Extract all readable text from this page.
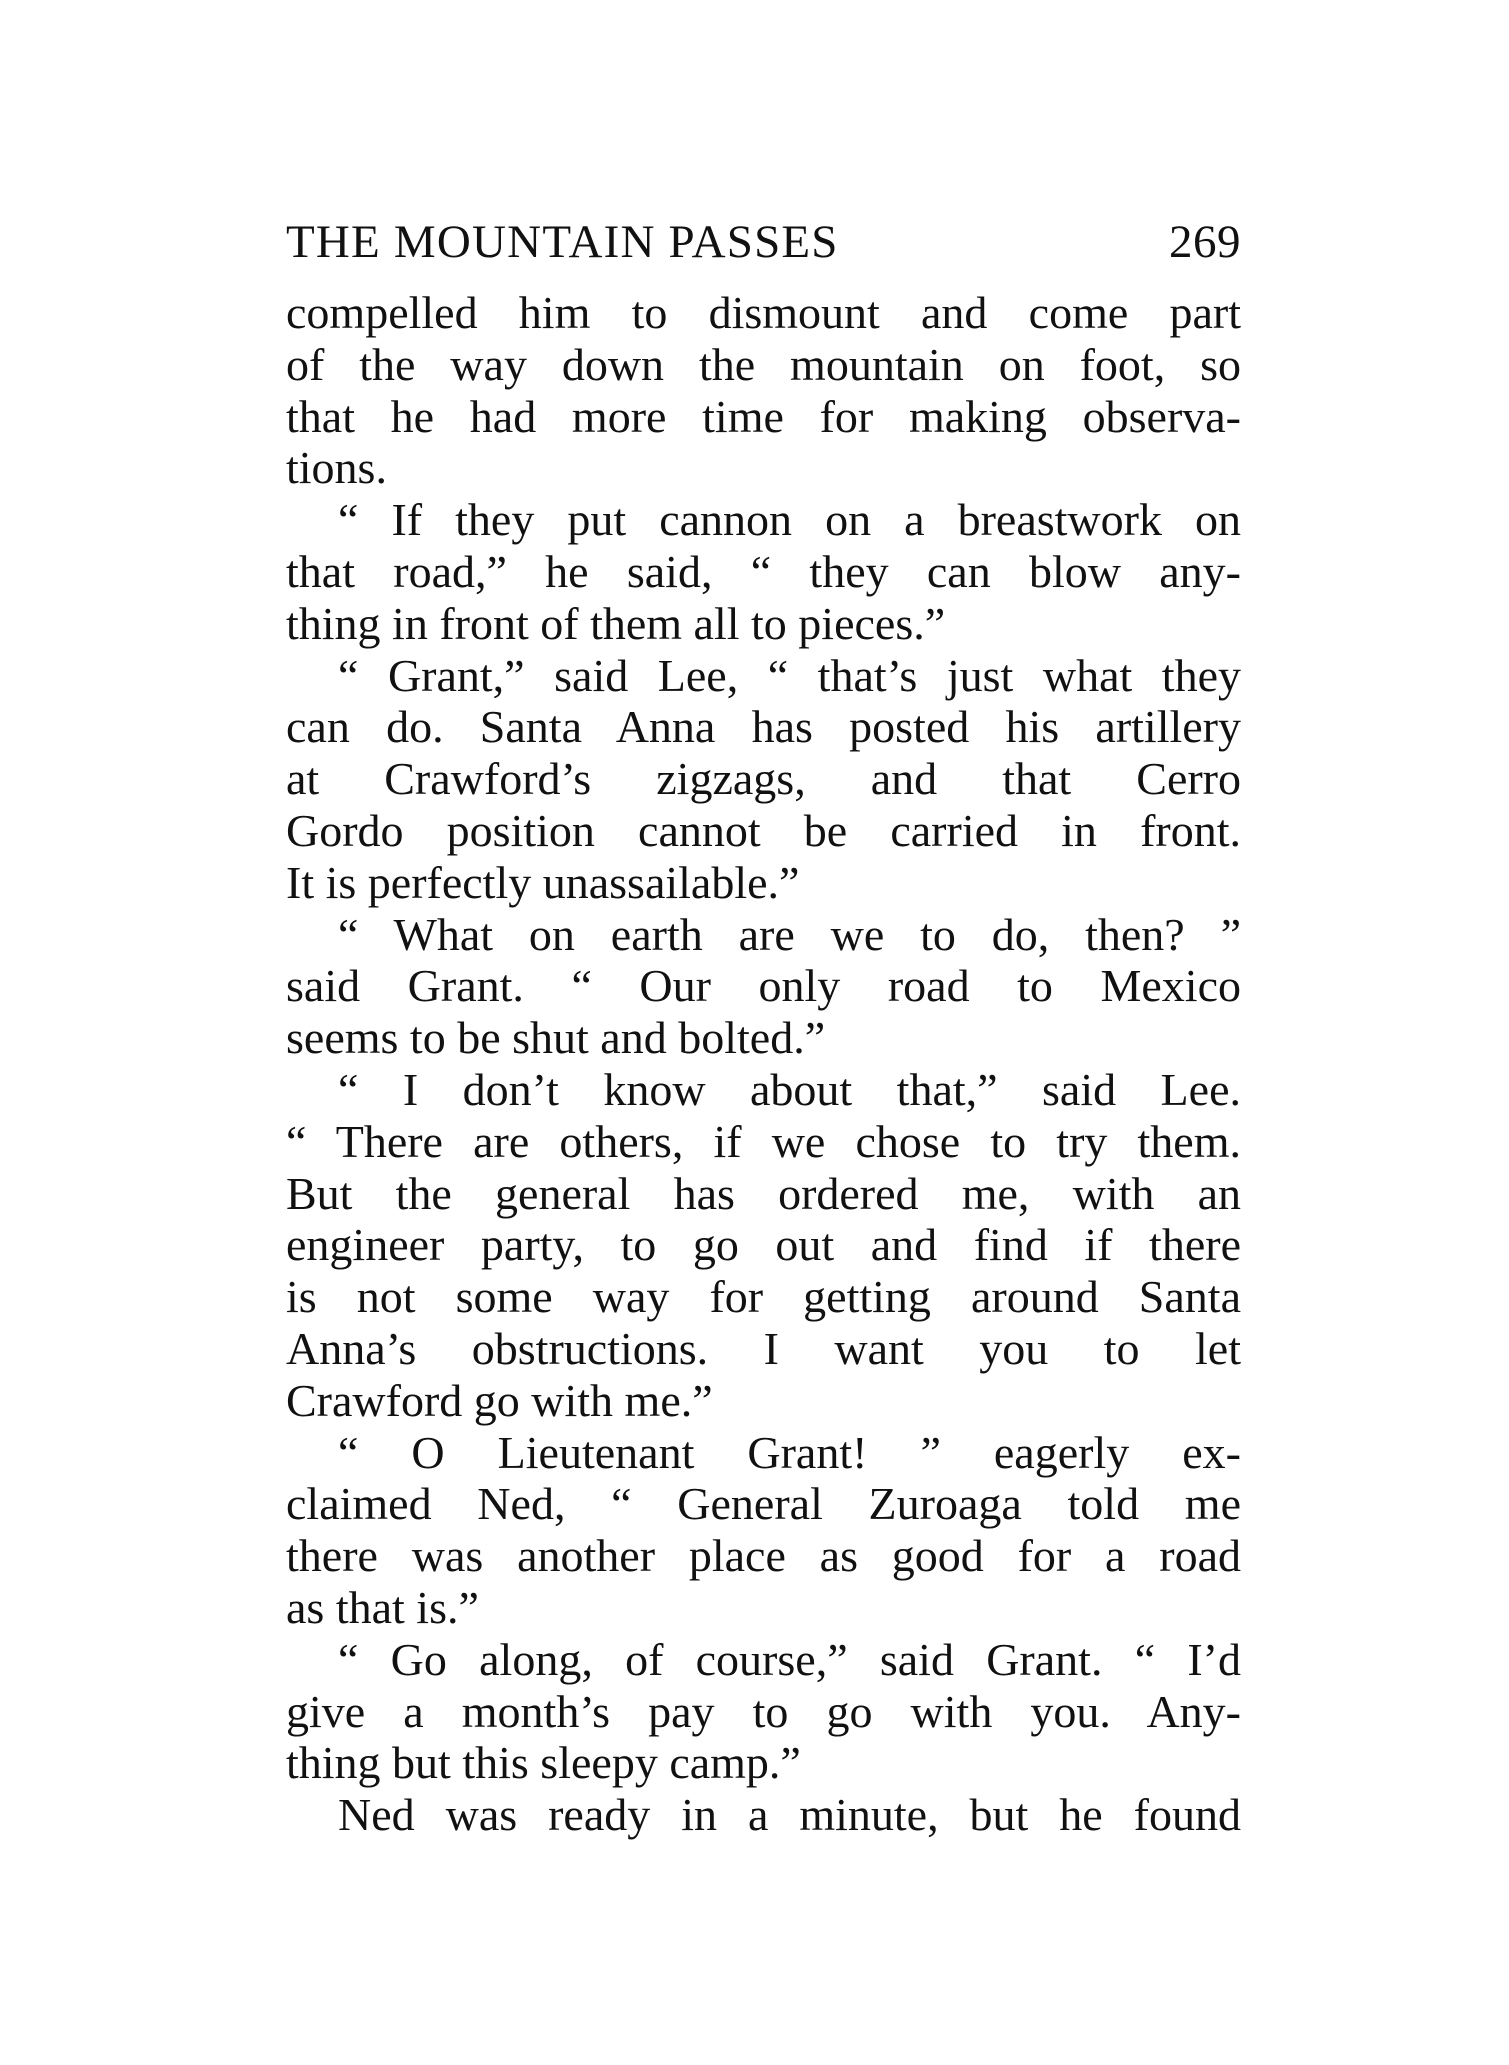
THE MOUNTAIN PASSES	269
compelled him to dismount and come part
of the way down the mountain on foot, so
that he had more time for making observa-
tions.
“ If they put cannon on a breastwork on
that road,” he said, “ they can blow any-
thing in front of them all to pieces.”
“ Grant,” said Lee, “ that’s just what they
can do. Santa Anna has posted his artillery
at Crawford’s zigzags, and that Cerro
Gordo position cannot be carried in front.
It is perfectly unassailable.”
“ What on earth are we to do, then? ”
said Grant. “ Our only road to Mexico
seems to be shut and bolted.”
“ I don’t know about that,” said Lee.
“ There are others, if we chose to try them.
But the general has ordered me, with an
engineer party, to go out and find if there
is not some way for getting around Santa
Anna’s obstructions. I want you to let
Crawford go with me.”
“ O Lieutenant Grant! ” eagerly ex-
claimed Ned, “ General Zuroaga told me
there was another place as good for a road
as that is.”
“ Go along, of course,” said Grant. “ I’d
give a month’s pay to go with you. Any-
thing but this sleepy camp.”
Ned was ready in a minute, but he found
